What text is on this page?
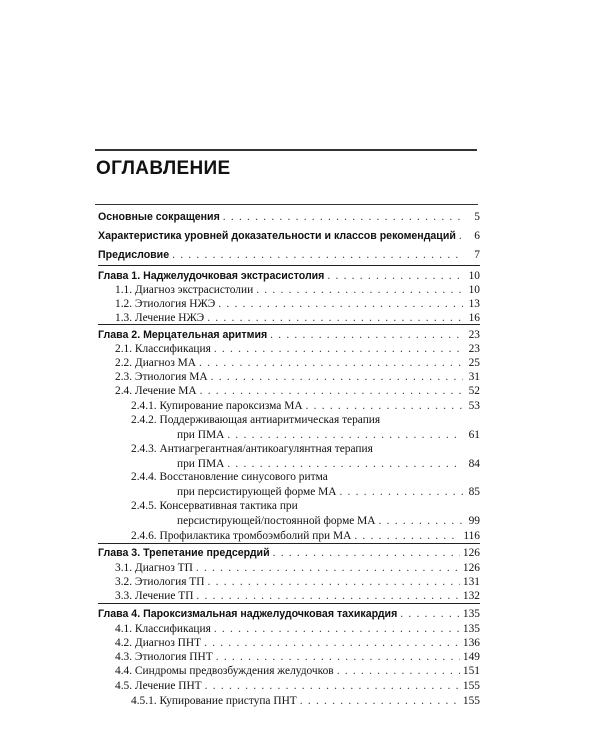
ОГЛАВЛЕНИЕ
Основные сокращения . . .	5
Характеристика уровней доказательности и классов рекомендаций . . .	6
Предисловие . . .	7
Глава 1. Наджелудочковая экстрасистолия . . .	10
1.1. Диагноз экстрасистолии . . .	10
1.2. Этиология НЖЭ . . .	13
1.3. Лечение НЖЭ . . .	16
Глава 2. Мерцательная аритмия . . .	23
2.1. Классификация . . .	23
2.2. Диагноз МА . . .	25
2.3. Этиология МА . . .	31
2.4. Лечение МА . . .	52
2.4.1. Купирование пароксизма МА . . .	53
2.4.2. Поддерживающая антиаритмическая терапия
при ПМА . . .	61
2.4.3. Антиагрегантная/антикоагулянтная терапия
при ПМА . . .	84
2.4.4. Восстановление синусового ритма
при персистирующей форме МА . . .	85
2.4.5. Консервативная тактика при
персистирующей/постоянной форме МА . . .	99
2.4.6. Профилактика тромбоэмболий при МА . . .	116
Глава 3. Трепетание предсердий . . .	126
3.1. Диагноз ТП . . .	126
3.2. Этиология ТП . . .	131
3.3. Лечение ТП . . .	132
Глава 4. Пароксизмальная наджелудочковая тахикардия . . .	135
4.1. Классификация . . .	135
4.2. Диагноз ПНТ . . .	136
4.3. Этиология ПНТ . . .	149
4.4. Синдромы предвозбуждения желудочков . . .	151
4.5. Лечение ПНТ . . .	155
4.5.1. Купирование приступа ПНТ . . .	155
